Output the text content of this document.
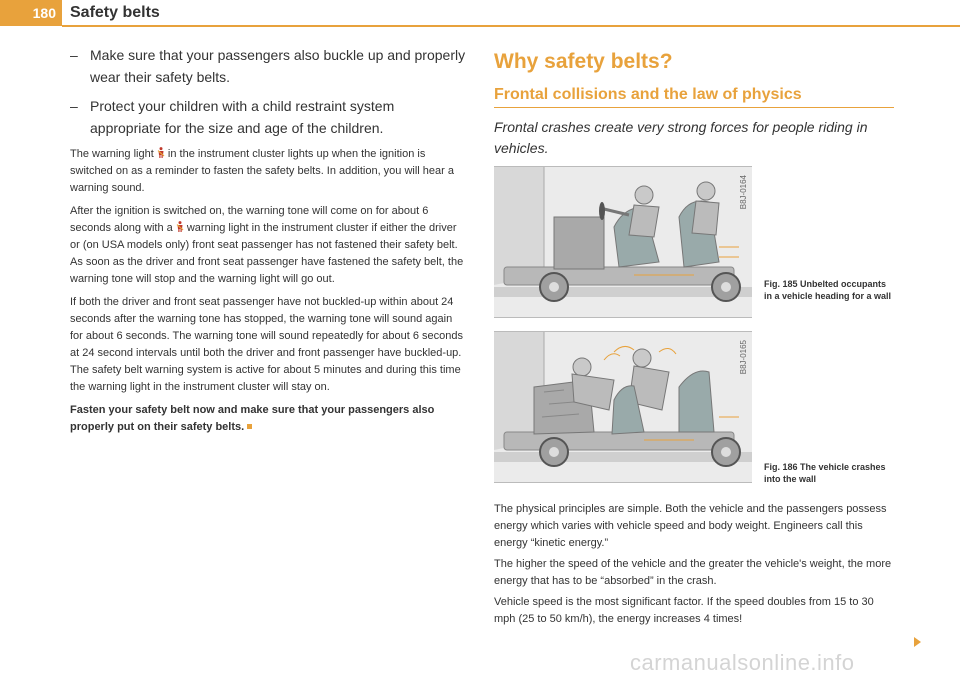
180 Safety belts
– Make sure that your passengers also buckle up and properly wear their safety belts.
– Protect your children with a child restraint system appropriate for the size and age of the children.

The warning light in the instrument cluster lights up when the ignition is switched on as a reminder to fasten the safety belts. In addition, you will hear a warning sound.

After the ignition is switched on, the warning tone will come on for about 6 seconds along with a warning light in the instrument cluster if either the driver or (on USA models only) front seat passenger has not fastened their safety belt. As soon as the driver and front seat passenger have fastened the safety belt, the warning tone will stop and the warning light will go out.

If both the driver and front seat passenger have not buckled-up within about 24 seconds after the warning tone has stopped, the warning tone will sound again for about 6 seconds. The warning tone will sound repeatedly for about 6 seconds at 24 second intervals until both the driver and front passenger have buckled-up. The safety belt warning system is active for about 5 minutes and during this time the warning light in the instrument cluster will stay on.

Fasten your safety belt now and make sure that your passengers also properly put on their safety belts.

Why safety belts?
Frontal collisions and the law of physics

Frontal crashes create very strong forces for people riding in vehicles.

B8J-0164
Fig. 185 Unbelted occupants in a vehicle heading for a wall
B8J-0165
Fig. 186 The vehicle crashes into the wall

The physical principles are simple. Both the vehicle and the passengers possess energy which varies with vehicle speed and body weight. Engineers call this energy “kinetic energy.”

The higher the speed of the vehicle and the greater the vehicle's weight, the more energy that has to be “absorbed” in the crash.

Vehicle speed is the most significant factor. If the speed doubles from 15 to 30 mph (25 to 50 km/h), the energy increases 4 times!

carmanualsonline.info
